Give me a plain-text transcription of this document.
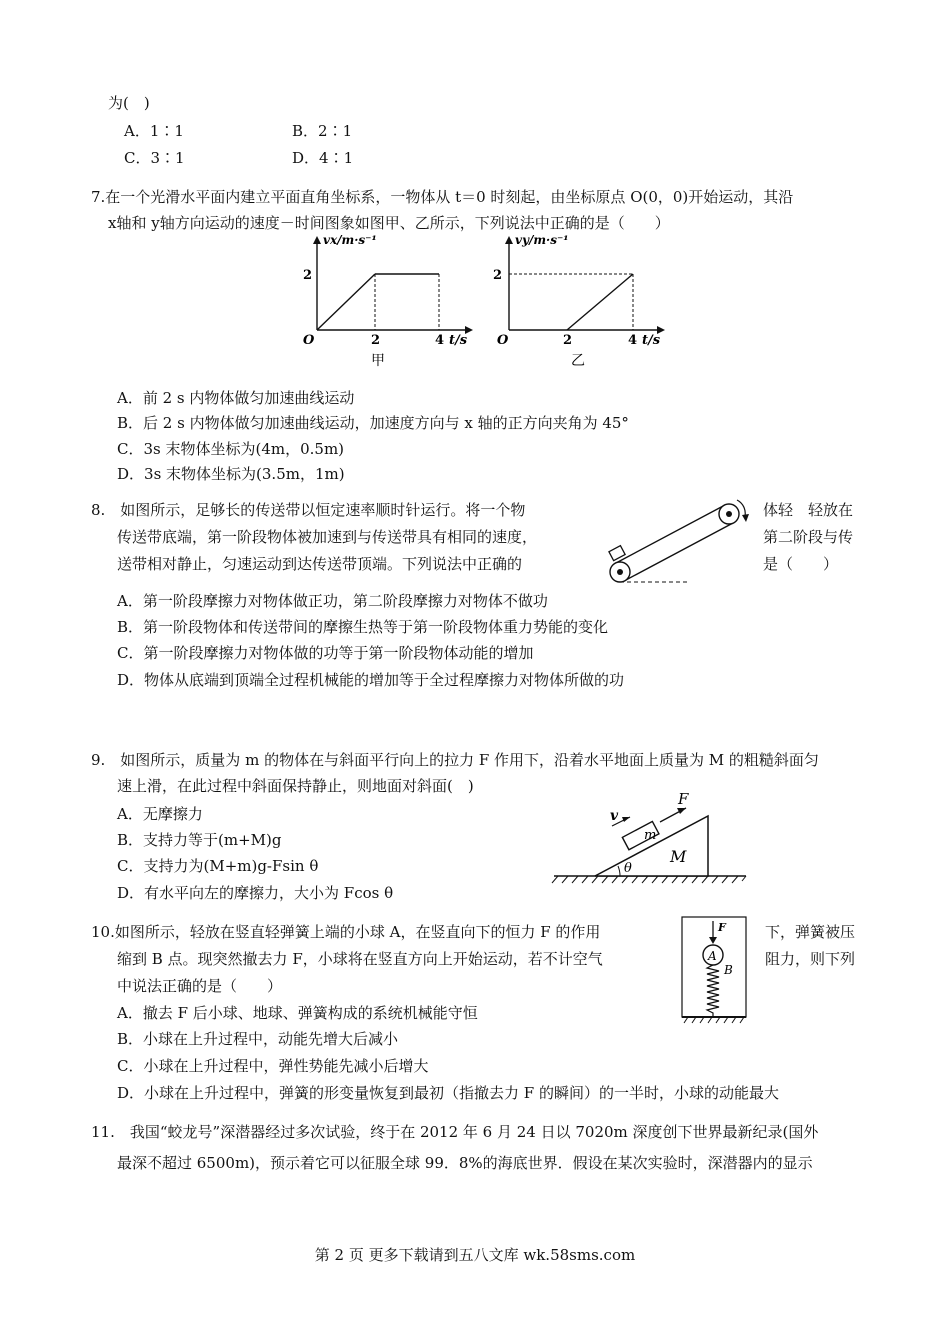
为(　)
A．1∶1	B．2∶1
C．3∶1	D．4∶1
7.在一个光滑水平面内建立平面直角坐标系，一物体从 t＝0 时刻起，由坐标原点 O(0，0)开始运动，其沿
x轴和 y轴方向运动的速度－时间图象如图甲、乙所示，下列说法中正确的是（　　）
vx/m·s⁻¹
2
O	2	4 t/s
甲
vy/m·s⁻¹
2
O	2	4 t/s
乙
A．前 2 s 内物体做匀加速曲线运动
B．后 2 s 内物体做匀加速曲线运动，加速度方向与 x 轴的正方向夹角为 45°
C．3s 末物体坐标为(4m，0.5m)
D．3s 末物体坐标为(3.5m，1m)
8.　如图所示，足够长的传送带以恒定速率顺时针运行。将一个物	体轻　轻放在
传送带底端，第一阶段物体被加速到与传送带具有相同的速度，	第二阶段与传
送带相对静止，匀速运动到达传送带顶端。下列说法中正确的	是（　　）
A．第一阶段摩擦力对物体做正功，第二阶段摩擦力对物体不做功
B．第一阶段物体和传送带间的摩擦生热等于第一阶段物体重力势能的变化
C．第一阶段摩擦力对物体做的功等于第一阶段物体动能的增加
D．物体从底端到顶端全过程机械能的增加等于全过程摩擦力对物体所做的功
9.　如图所示，质量为 m 的物体在与斜面平行向上的拉力 F 作用下，沿着水平地面上质量为 M 的粗糙斜面匀
速上滑，在此过程中斜面保持静止，则地面对斜面(　)
A．无摩擦力
B．支持力等于(m+M)g
C．支持力为(M+m)g-Fsin θ
D．有水平向左的摩擦力，大小为 Fcos θ
θ
M
m
F
v
10.如图所示，轻放在竖直轻弹簧上端的小球 A，在竖直向下的恒力 F 的作用	下，弹簧被压
缩到 B 点。现突然撤去力 F，小球将在竖直方向上开始运动，若不计空气	阻力，则下列
中说法正确的是（　　）
F
A
B
A．撤去 F 后小球、地球、弹簧构成的系统机械能守恒
B．小球在上升过程中，动能先增大后减小
C．小球在上升过程中，弹性势能先减小后增大
D．小球在上升过程中，弹簧的形变量恢复到最初（指撤去力 F 的瞬间）的一半时，小球的动能最大
11.　我国“蛟龙号”深潜器经过多次试验，终于在 2012 年 6 月 24 日以 7020m 深度创下世界最新纪录(国外
最深不超过 6500m)，预示着它可以征服全球 99．8%的海底世界．假设在某次实验时，深潜器内的显示
第 2 页 更多下载请到五八文库 wk.58sms.com
